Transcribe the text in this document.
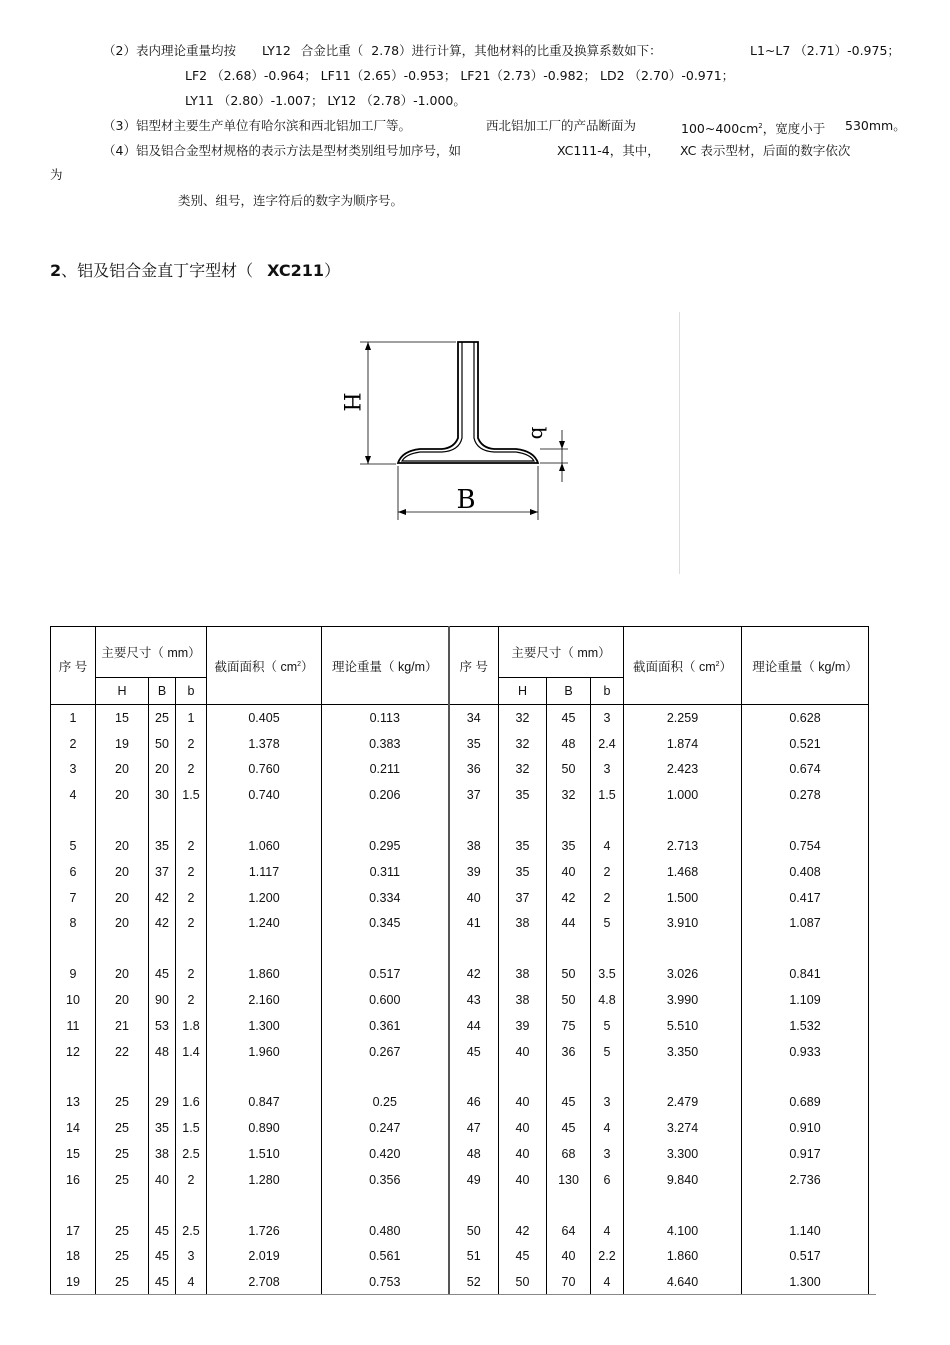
（2）表内理论重量均按 LY12 合金比重（ 2.78）进行计算，其他材料的比重及换算系数如下：	L1~L7 （2.71）-0.975；
LF2 （2.68）-0.964； LF11（2.65）-0.953； LF21（2.73）-0.982； LD2 （2.70）-0.971；
LY11 （2.80）-1.007； LY12 （2.78）-1.000。
（3）铝型材主要生产单位有哈尔滨和西北铝加工厂等。	西北铝加工厂的产品断面为	$100\sim 400cm^2$，宽度小于 530mm。
（4）铝及铝合金型材规格的表示方法是型材类别组号加序号，如	XC111-4，其中， XC 表示型材，后面的数字依次
为
类别、组号，连字符后的数字为顺序号。
2、铝及铝合金直丁字型材（ XC211）
H
B
b
序 号	主要尺寸（ mm）			截面面积（ $cm^2$）	理论重量（ kg/m）	序 号	主要尺寸（ mm）			截面面积（ $cm^2$）	理论重量（ kg/m）
	H	B	b				H	B	b		
1	15	25	1	0.405	0.113	34	32	45	3	2.259	0.628
2	19	50	2	1.378	0.383	35	32	48	2.4	1.874	0.521
3	20	20	2	0.760	0.211	36	32	50	3	2.423	0.674
4	20	30	1.5	0.740	0.206	37	35	32	1.5	1.000	0.278

5	20	35	2	1.060	0.295	38	35	35	4	2.713	0.754
6	20	37	2	1.117	0.311	39	35	40	2	1.468	0.408
7	20	42	2	1.200	0.334	40	37	42	2	1.500	0.417
8	20	42	2	1.240	0.345	41	38	44	5	3.910	1.087

9	20	45	2	1.860	0.517	42	38	50	3.5	3.026	0.841
10	20	90	2	2.160	0.600	43	38	50	4.8	3.990	1.109
11	21	53	1.8	1.300	0.361	44	39	75	5	5.510	1.532
12	22	48	1.4	1.960	0.267	45	40	36	5	3.350	0.933

13	25	29	1.6	0.847	0.25	46	40	45	3	2.479	0.689
14	25	35	1.5	0.890	0.247	47	40	45	4	3.274	0.910
15	25	38	2.5	1.510	0.420	48	40	68	3	3.300	0.917
16	25	40	2	1.280	0.356	49	40	130	6	9.840	2.736

17	25	45	2.5	1.726	0.480	50	42	64	4	4.100	1.140
18	25	45	3	2.019	0.561	51	45	40	2.2	1.860	0.517
19	25	45	4	2.708	0.753	52	50	70	4	4.640	1.300
